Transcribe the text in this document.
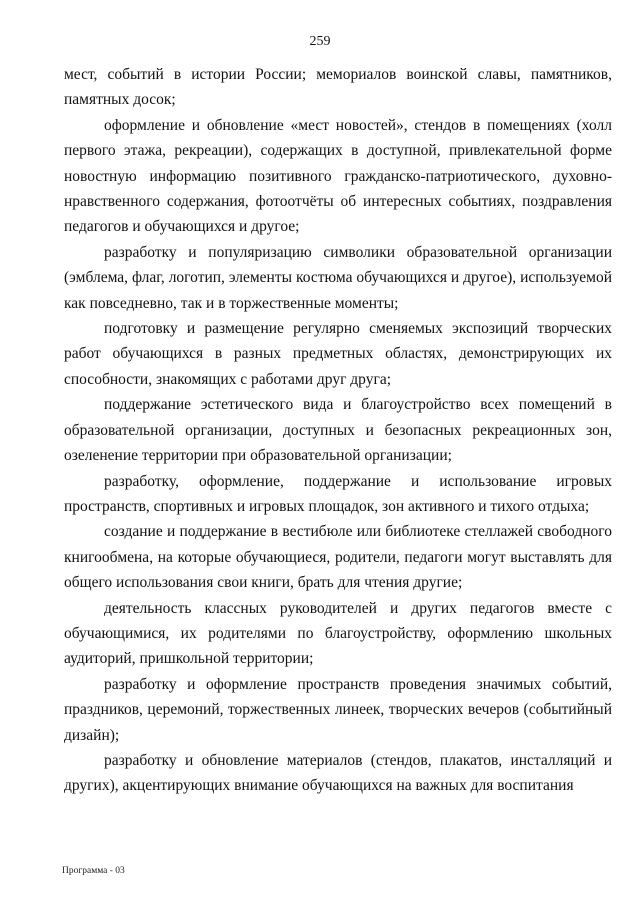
259

мест, событий в истории России; мемориалов воинской славы, памятников, памятных досок;

оформление и обновление «мест новостей», стендов в помещениях (холл первого этажа, рекреации), содержащих в доступной, привлекательной форме новостную информацию позитивного гражданско-патриотического, духовно-нравственного содержания, фотоотчёты об интересных событиях, поздравления педагогов и обучающихся и другое;

разработку и популяризацию символики образовательной организации (эмблема, флаг, логотип, элементы костюма обучающихся и другое), используемой как повседневно, так и в торжественные моменты;

подготовку и размещение регулярно сменяемых экспозиций творческих работ обучающихся в разных предметных областях, демонстрирующих их способности, знакомящих с работами друг друга;

поддержание эстетического вида и благоустройство всех помещений в образовательной организации, доступных и безопасных рекреационных зон, озеленение территории при образовательной организации;

разработку, оформление, поддержание и использование игровых пространств, спортивных и игровых площадок, зон активного и тихого отдыха;

создание и поддержание в вестибюле или библиотеке стеллажей свободного книгообмена, на которые обучающиеся, родители, педагоги могут выставлять для общего использования свои книги, брать для чтения другие;

деятельность классных руководителей и других педагогов вместе с обучающимися, их родителями по благоустройству, оформлению школьных аудиторий, пришкольной территории;

разработку и оформление пространств проведения значимых событий, праздников, церемоний, торжественных линеек, творческих вечеров (событийный дизайн);

разработку и обновление материалов (стендов, плакатов, инсталляций и других), акцентирующих внимание обучающихся на важных для воспитания

Программа - 03
